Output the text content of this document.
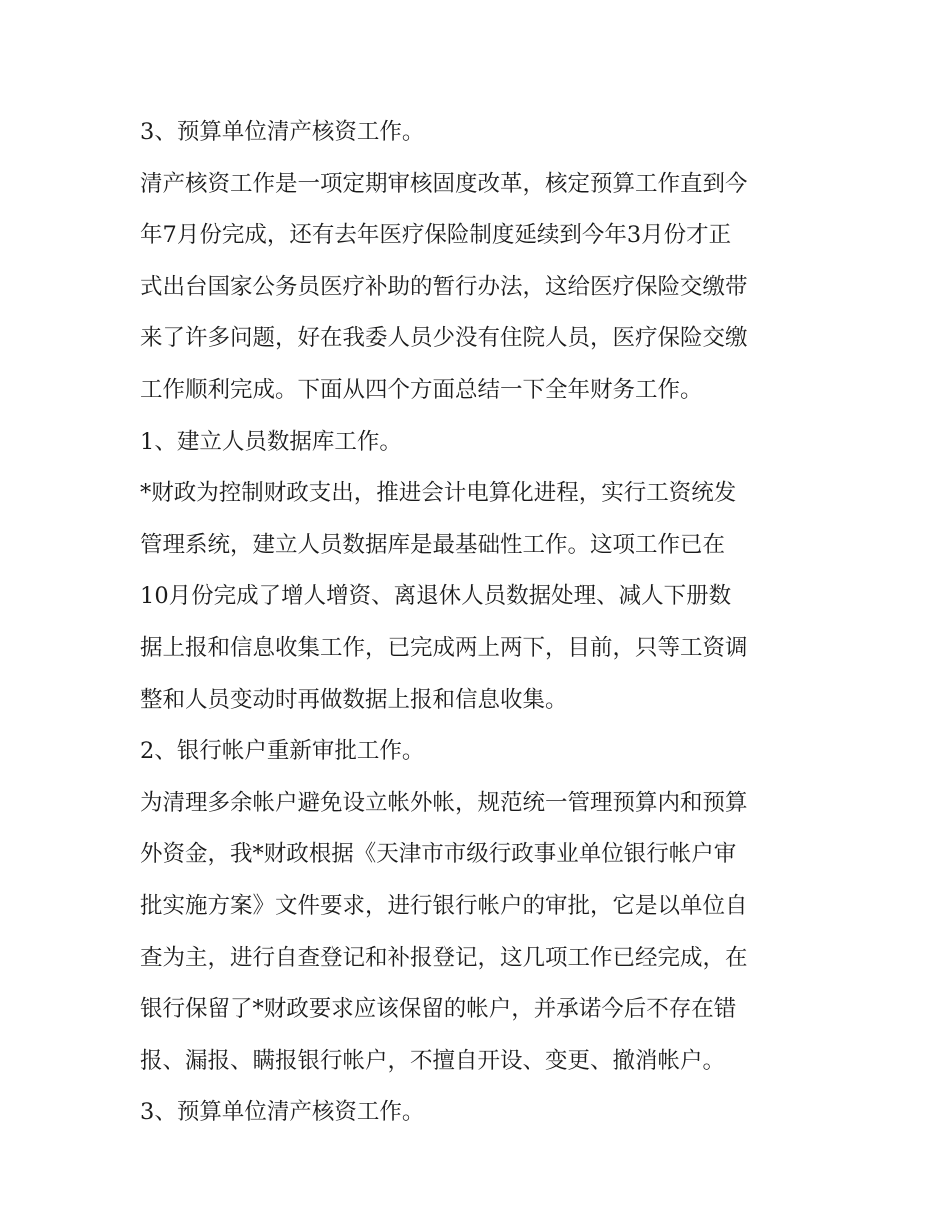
3、预算单位清产核资工作。

清产核资工作是一项定期审核固度改革，核定预算工作直到今

年7月份完成，还有去年医疗保险制度延续到今年3月份才正

式出台国家公务员医疗补助的暂行办法，这给医疗保险交缴带

来了许多问题，好在我委人员少没有住院人员，医疗保险交缴

工作顺利完成。下面从四个方面总结一下全年财务工作。

1、建立人员数据库工作。

*财政为控制财政支出，推进会计电算化进程，实行工资统发

管理系统，建立人员数据库是最基础性工作。这项工作已在

10月份完成了增人增资、离退休人员数据处理、减人下册数

据上报和信息收集工作，已完成两上两下，目前，只等工资调

整和人员变动时再做数据上报和信息收集。

2、银行帐户重新审批工作。

为清理多余帐户避免设立帐外帐，规范统一管理预算内和预算

外资金，我*财政根据《天津市市级行政事业单位银行帐户审

批实施方案》文件要求，进行银行帐户的审批，它是以单位自

查为主，进行自查登记和补报登记，这几项工作已经完成，在

银行保留了*财政要求应该保留的帐户，并承诺今后不存在错

报、漏报、瞒报银行帐户，不擅自开设、变更、撤消帐户。

3、预算单位清产核资工作。
